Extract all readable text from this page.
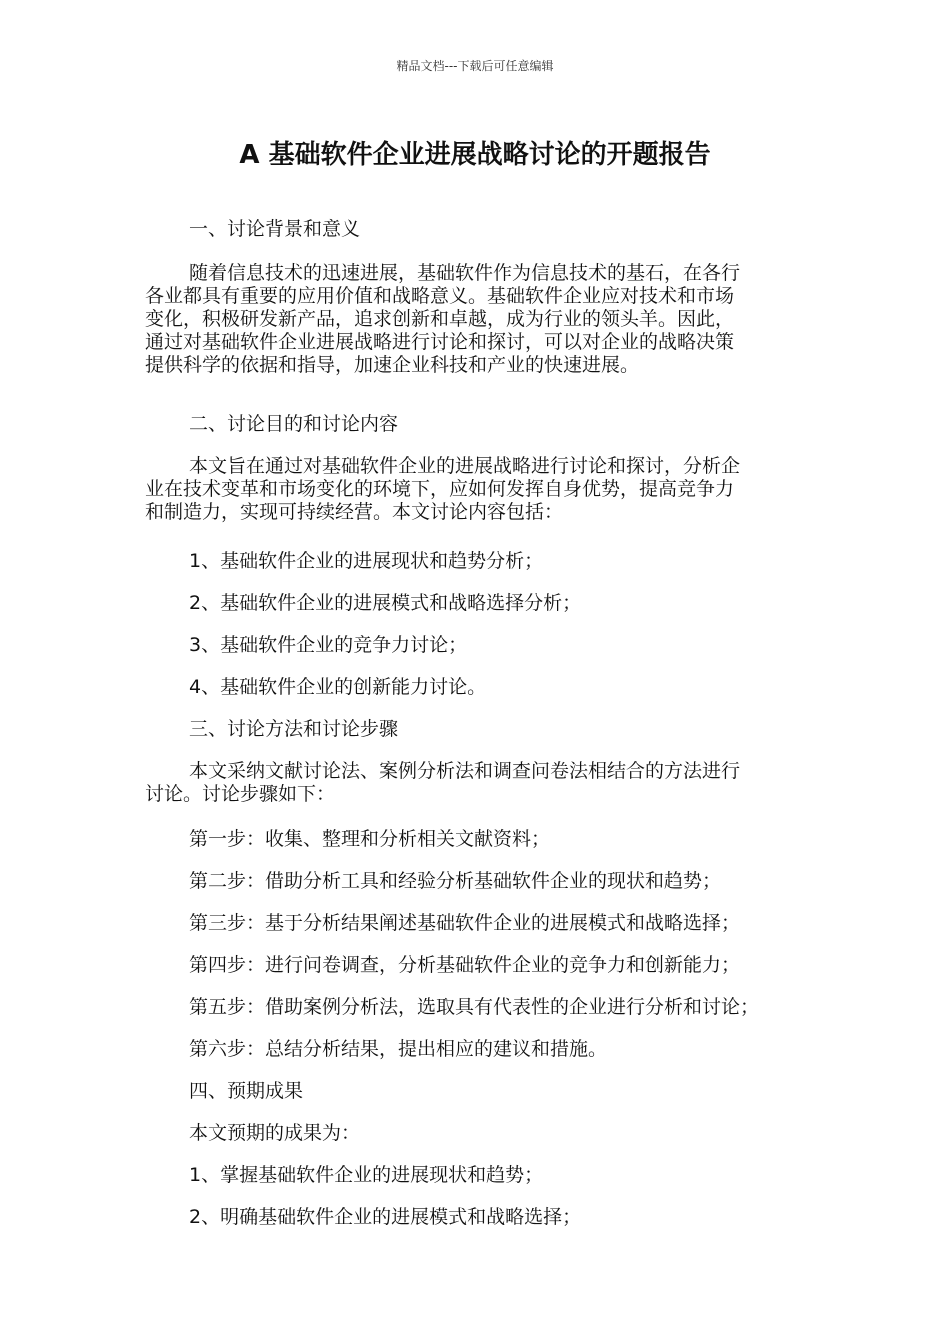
精品文档---下载后可任意编辑
A 基础软件企业进展战略讨论的开题报告

一、讨论背景和意义

随着信息技术的迅速进展，基础软件作为信息技术的基石，在各行
各业都具有重要的应用价值和战略意义。基础软件企业应对技术和市场
变化，积极研发新产品，追求创新和卓越，成为行业的领头羊。因此，
通过对基础软件企业进展战略进行讨论和探讨，可以对企业的战略决策
提供科学的依据和指导，加速企业科技和产业的快速进展。

二、讨论目的和讨论内容

本文旨在通过对基础软件企业的进展战略进行讨论和探讨，分析企
业在技术变革和市场变化的环境下，应如何发挥自身优势，提高竞争力
和制造力，实现可持续经营。本文讨论内容包括：

1、基础软件企业的进展现状和趋势分析；

2、基础软件企业的进展模式和战略选择分析；

3、基础软件企业的竞争力讨论；

4、基础软件企业的创新能力讨论。

三、讨论方法和讨论步骤

本文采纳文献讨论法、案例分析法和调查问卷法相结合的方法进行
讨论。讨论步骤如下：

第一步：收集、整理和分析相关文献资料；

第二步：借助分析工具和经验分析基础软件企业的现状和趋势；

第三步：基于分析结果阐述基础软件企业的进展模式和战略选择；

第四步：进行问卷调查，分析基础软件企业的竞争力和创新能力；

第五步：借助案例分析法，选取具有代表性的企业进行分析和讨论；

第六步：总结分析结果，提出相应的建议和措施。

四、预期成果

本文预期的成果为：

1、掌握基础软件企业的进展现状和趋势；

2、明确基础软件企业的进展模式和战略选择；
